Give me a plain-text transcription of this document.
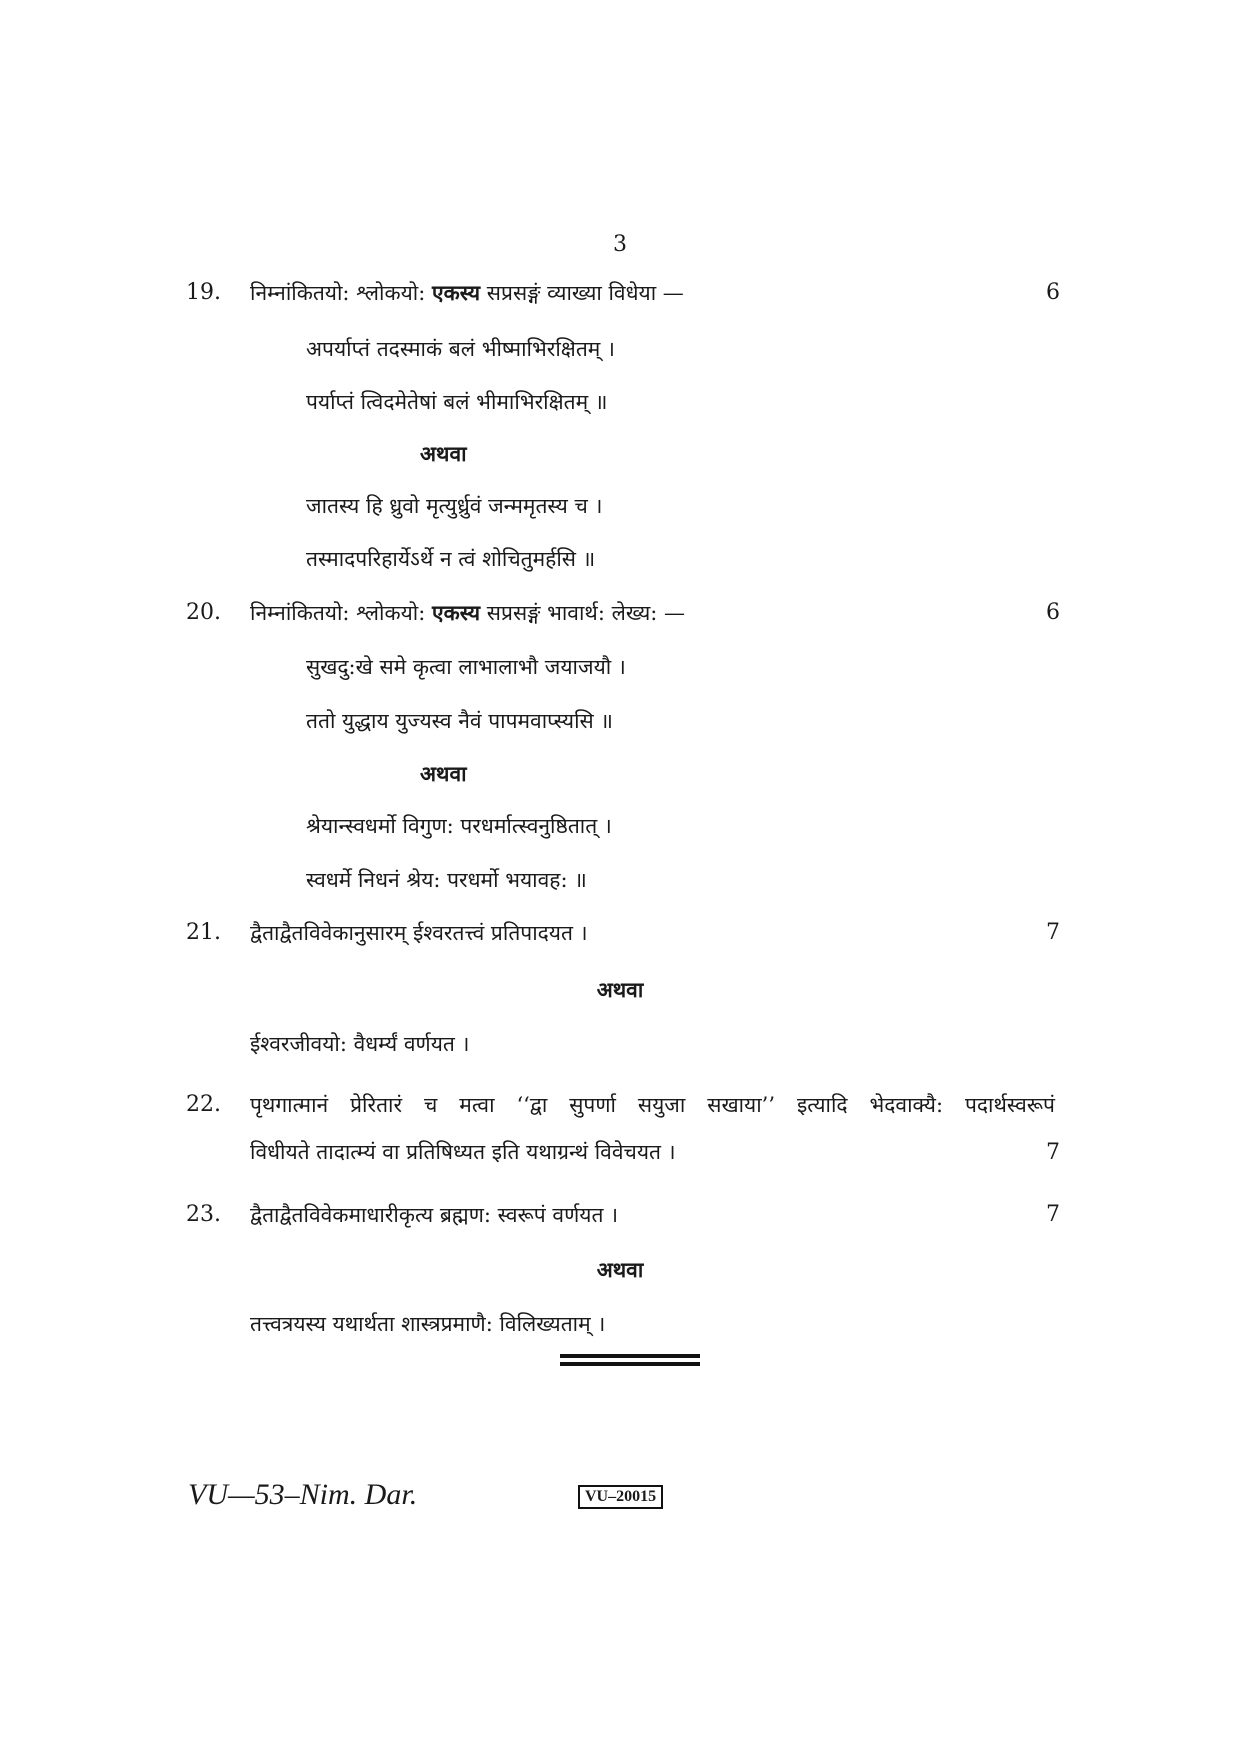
3
19. निम्नांकितयो: श्लोकयो: एकस्य सप्रसङ्गं व्याख्या विधेया —	6
अपर्याप्तं तदस्माकं बलं भीष्माभिरक्षितम् ।
पर्याप्तं त्विदमेतेषां बलं भीमाभिरक्षितम् ॥
अथवा
जातस्य हि ध्रुवो मृत्युर्ध्रुवं जन्ममृतस्य च ।
तस्मादपरिहार्येऽर्थे न त्वं शोचितुमर्हसि ॥
20. निम्नांकितयो: श्लोकयो: एकस्य सप्रसङ्गं भावार्थ: लेख्य: —	6
सुखदु:खे समे कृत्वा लाभालाभौ जयाजयौ ।
ततो युद्धाय युज्यस्व नैवं पापमवाप्स्यसि ॥
अथवा
श्रेयान्स्वधर्मो विगुण: परधर्मात्स्वनुष्ठितात् ।
स्वधर्मे निधनं श्रेय: परधर्मो भयावह: ॥
21. द्वैताद्वैतविवेकानुसारम् ईश्वरतत्त्वं प्रतिपादयत ।	7
अथवा
ईश्वरजीवयो: वैधर्म्यं वर्णयत ।
22. पृथगात्मानं प्रेरितारं च मत्वा ‘‘द्वा सुपर्णा सयुजा सखाया’’ इत्यादि भेदवाक्यै: पदार्थस्वरूपं
विधीयते तादात्म्यं वा प्रतिषिध्यत इति यथाग्रन्थं विवेचयत ।	7
23. द्वैताद्वैतविवेकमाधारीकृत्य ब्रह्मण: स्वरूपं वर्णयत ।	7
अथवा
तत्त्वत्रयस्य यथार्थता शास्त्रप्रमाणै: विलिख्यताम् ।
VU—53–Nim. Dar.	VU–20015
